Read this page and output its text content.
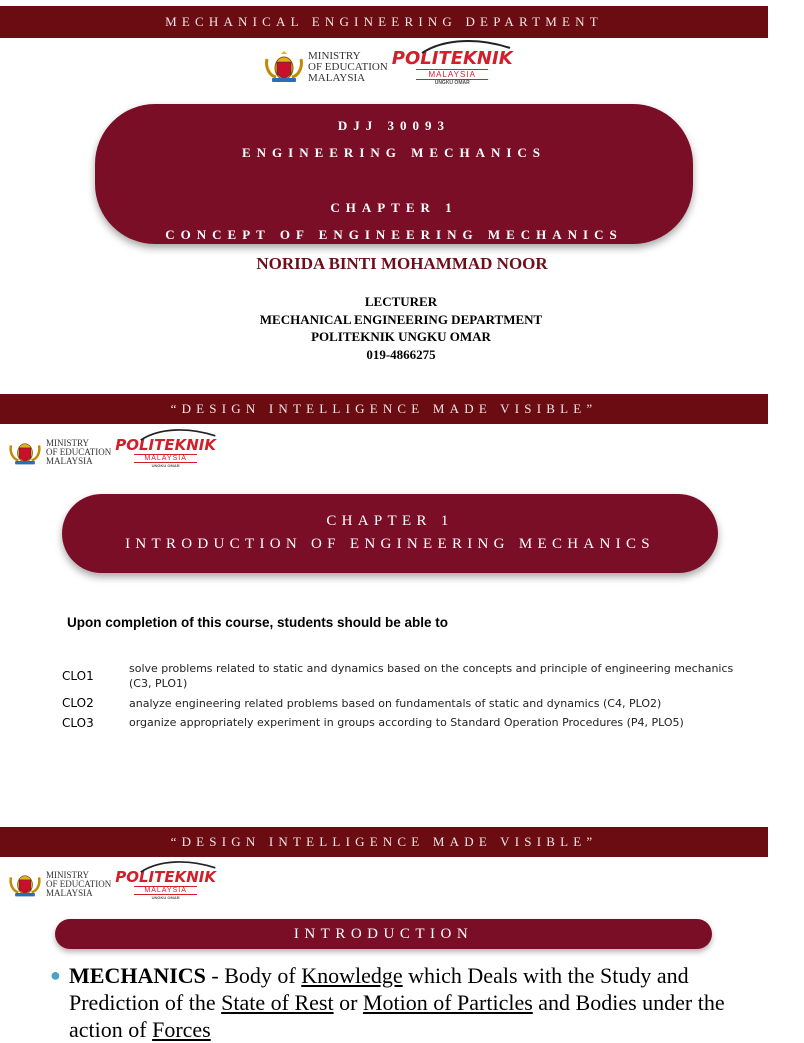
MECHANICAL ENGINEERING DEPARTMENT
MINISTRY
OF EDUCATION
MALAYSIA
POLITEKNIK
MALAYSIA
UNGKU OMAR
DJJ 30093
ENGINEERING MECHANICS
CHAPTER 1
CONCEPT OF ENGINEERING MECHANICS
NORIDA BINTI MOHAMMAD NOOR
LECTURER
MECHANICAL ENGINEERING DEPARTMENT
POLITEKNIK UNGKU OMAR
019-4866275
“DESIGN INTELLIGENCE MADE VISIBLE”
MINISTRY
OF EDUCATION
MALAYSIA
POLITEKNIK
MALAYSIA
UNGKU OMAR
CHAPTER 1
INTRODUCTION OF ENGINEERING MECHANICS
Upon completion of this course, students should be able to
CLO1
solve problems related to static and dynamics based on the concepts and principle of engineering mechanics (C3, PLO1)
CLO2	analyze engineering related problems based on fundamentals of static and dynamics (C4, PLO2)
CLO3	organize appropriately experiment in groups according to Standard Operation Procedures (P4, PLO5)
“DESIGN INTELLIGENCE MADE VISIBLE”
MINISTRY
OF EDUCATION
MALAYSIA
POLITEKNIK
MALAYSIA
UNGKU OMAR
INTRODUCTION
● MECHANICS - Body of Knowledge which Deals with the Study and Prediction of the State of Rest or Motion of Particles and Bodies under the action of Forces
